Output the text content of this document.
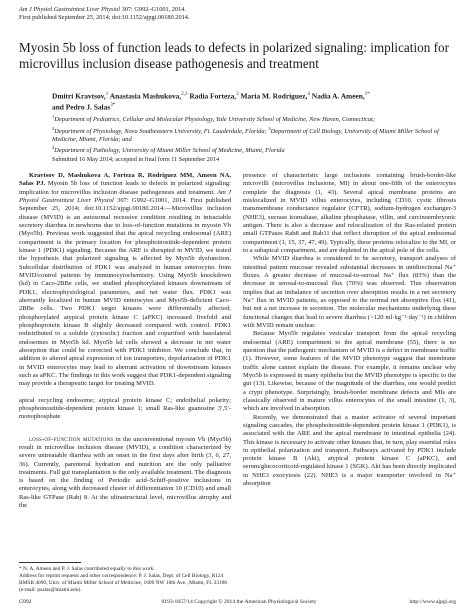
Am J Physiol Gastrointest Liver Physiol 307: G992–G1001, 2014.
First published September 25, 2014; doi:10.1152/ajpgi.00180.2014.
Myosin 5b loss of function leads to defects in polarized signaling: implication for microvillus inclusion disease pathogenesis and treatment
Dmitri Kravtsov,$^1$ Anastasia Mashukova,$^{2,3}$ Radia Forteza,$^3$ Maria M. Rodriguez,$^4$ Nadia A. Ameen,$^{1*}$
and Pedro J. Salas$^{3*}$
$^1$Department of Pediatrics, Cellular and Molecular Physiology, Yale University School of Medicine, New Haven, Connecticut;
$^2$Department of Physiology, Nova Southeastern University, Ft. Lauderdale, Florida; $^3$Department of Cell Biology, University of Miami Miller School of Medicine, Miami, Florida; and
$^4$Department of Pathology, University of Miami Miller School of Medicine, Miami, Florida
Submitted 16 May 2014; accepted in final form 11 September 2014

Kravtsov D, Mashukova A, Forteza R, Rodriguez MM, Ameen NA, Salas PJ. Myosin 5b loss of function leads to defects in polarized signaling: implication for microvillus inclusion disease pathogenesis and treatment. Am J Physiol Gastrointest Liver Physiol 307: G992–G1001, 2014. First published September 25, 2014; doi:10.1152/ajpgi.00180.2014.—Microvillus inclusion disease (MVID) is an autosomal recessive condition resulting in intractable secretory diarrhea in newborns due to loss-of-function mutations in myosin Vb (Myo5b). Previous work suggested that the apical recycling endosomal (ARE) compartment is the primary location for phosphoinositide-dependent protein kinase 1 (PDK1) signaling. Because the ARE is disrupted in MVID, we tested the hypothesis that polarized signaling is affected by Myo5b dysfunction. Subcellular distribution of PDK1 was analyzed in human enterocytes from MVID/control patients by immunocytochemistry. Using Myo5b knockdown (kd) in Caco-2BBe cells, we studied phosphorylated kinases downstream of PDK1, electrophysiological parameters, and net water flux. PDK1 was aberrantly localized in human MVID enterocytes and Myo5b-deficient Caco-2BBe cells. Two PDK1 target kinases were differentially affected; phosphorylated atypical protein kinase C (aPKC) increased fivefold and phosphoprotein kinase B slightly decreased compared with control. PDK1 redistributed to a soluble (cytosolic) fraction and copurified with basolateral endosomes in Myo5b kd. Myo5b kd cells showed a decrease in net water absorption that could be corrected with PDK1 inhibitor. We conclude that, in addition to altered apical expression of ion transporters, depolarization of PDK1 in MVID enterocytes may lead to aberrant activation of downstream kinases such as aPKC. The findings in this work suggest that PDK1-dependent signaling may provide a therapeutic target for treating MVID.

apical recycling endosome; atypical protein kinase C; endothelial polarity; phosphoinositide-dependent protein kinase 1; small Ras-like guanosine 3′,5′-monophosphate

loss-of-function mutations in the unconventional myosin Vb (Myo5b) result in microvillus inclusion disease (MVID), a condition characterized by severe untreatable diarrhea with an onset in the first days after birth (3, 6, 27, 36). Currently, parenteral hydration and nutrition are the only palliative treatments. Full gut transplantation is the only available treatment. The diagnosis is based on the finding of Periodic acid–Schiff-positive inclusions in enterocytes, along with decreased cluster of differentiation 10 (CD10) and small Ras-like GTPase (Rab) 8. At the ultrastructural level, microvillus atrophy and the

presence of characteristic large inclusions containing brush-border-like microvilli (microvillus inclusions, MI) in about one-fifth of the enterocytes complete the diagnosis (1, 43). Several apical membrane proteins are mislocalized in MVID villus enterocytes, including CD10, cystic fibrosis transmembrane conductance regulator (CFTR), sodium-hydrogen exchanger-3 (NHE3), sucrase isomaltase, alkaline phosphatase, villin, and carcinoembryonic antigen. There is also a decrease and relocalization of the Ras-related protein small GTPases Rab8 and Rab11 that reflect disruption of the apical endosomal compartment (1, 15, 37, 47, 49). Typically, these proteins relocalize to the MI, or to a subapical compartment, and are depleted in the apical pole of the cells.

While MVID diarrhea is considered to be secretory, transport analyses of intestinal patient mucosae revealed substantial decreases in unidirectional Na⁺ fluxes. A greater decrease of mucosal-to-serosal Na⁺ flux (83%) than the decrease in serosal-to-mucosal flux (70%) was observed. This observation implies that an imbalance of secretion over absorption results in a net secretory Na⁺ flux in MVID patients, as opposed to the normal net absorptive flux (41), but not a net increase in secretion. The molecular mechanisms underlying these functional changes that lead to severe diarrhea (>120 ml·kg⁻¹·day⁻¹) in children with MVID remain unclear.

Because Myo5b regulates vesicular transport from the apical recycling endosomal (ARE) compartment to the apical membrane (55), there is no question that the pathogenic mechanism of MVID is a defect in membrane traffic (1). However, some features of the MVID phenotype suggest that membrane traffic alone cannot explain the disease. For example, it remains unclear why Myo5b is expressed in many epithelia but the MVID phenotype is specific to the gut (13). Likewise, because of the magnitude of the diarrhea, one would predict a crypt phenotype. Surprisingly, brush-border membrane defects and MIs are classically observed in mature villus enterocytes of the small intestine (1, 3), which are involved in absorption.

Recently, we demonstrated that a master activator of several important signaling cascades, the phosphoinositide-dependent protein kinase 1 (PDK1), is associated with the ARE and the apical membrane in intestinal epithelia (24). This kinase is necessary to activate other kinases that, in turn, play essential roles in epithelial polarization and transport. Pathways activated by PDK1 include protein kinase B (Akt), atypical protein kinase C (aPKC), and serum/glucocorticoid-regulated kinase 1 (SGK). Akt has been directly implicated in NHE3 exocytosis (22). NHE3 is a major transporter involved in Na⁺ absorption

* N. A. Ameen and P. J. Salas contributed equally to this work.
Address for reprint requests and other correspondence: P. J. Salas, Dept. of Cell Biology, R124 RMSB 4090, Univ. of Miami Miller School of Medicine, 1600 NW 10th Ave., Miami, FL 33186 (e-mail: psalas@miami.edu).
G992	0193-1857/14 Copyright © 2014 the American Physiological Society	http://www.ajpgi.org
